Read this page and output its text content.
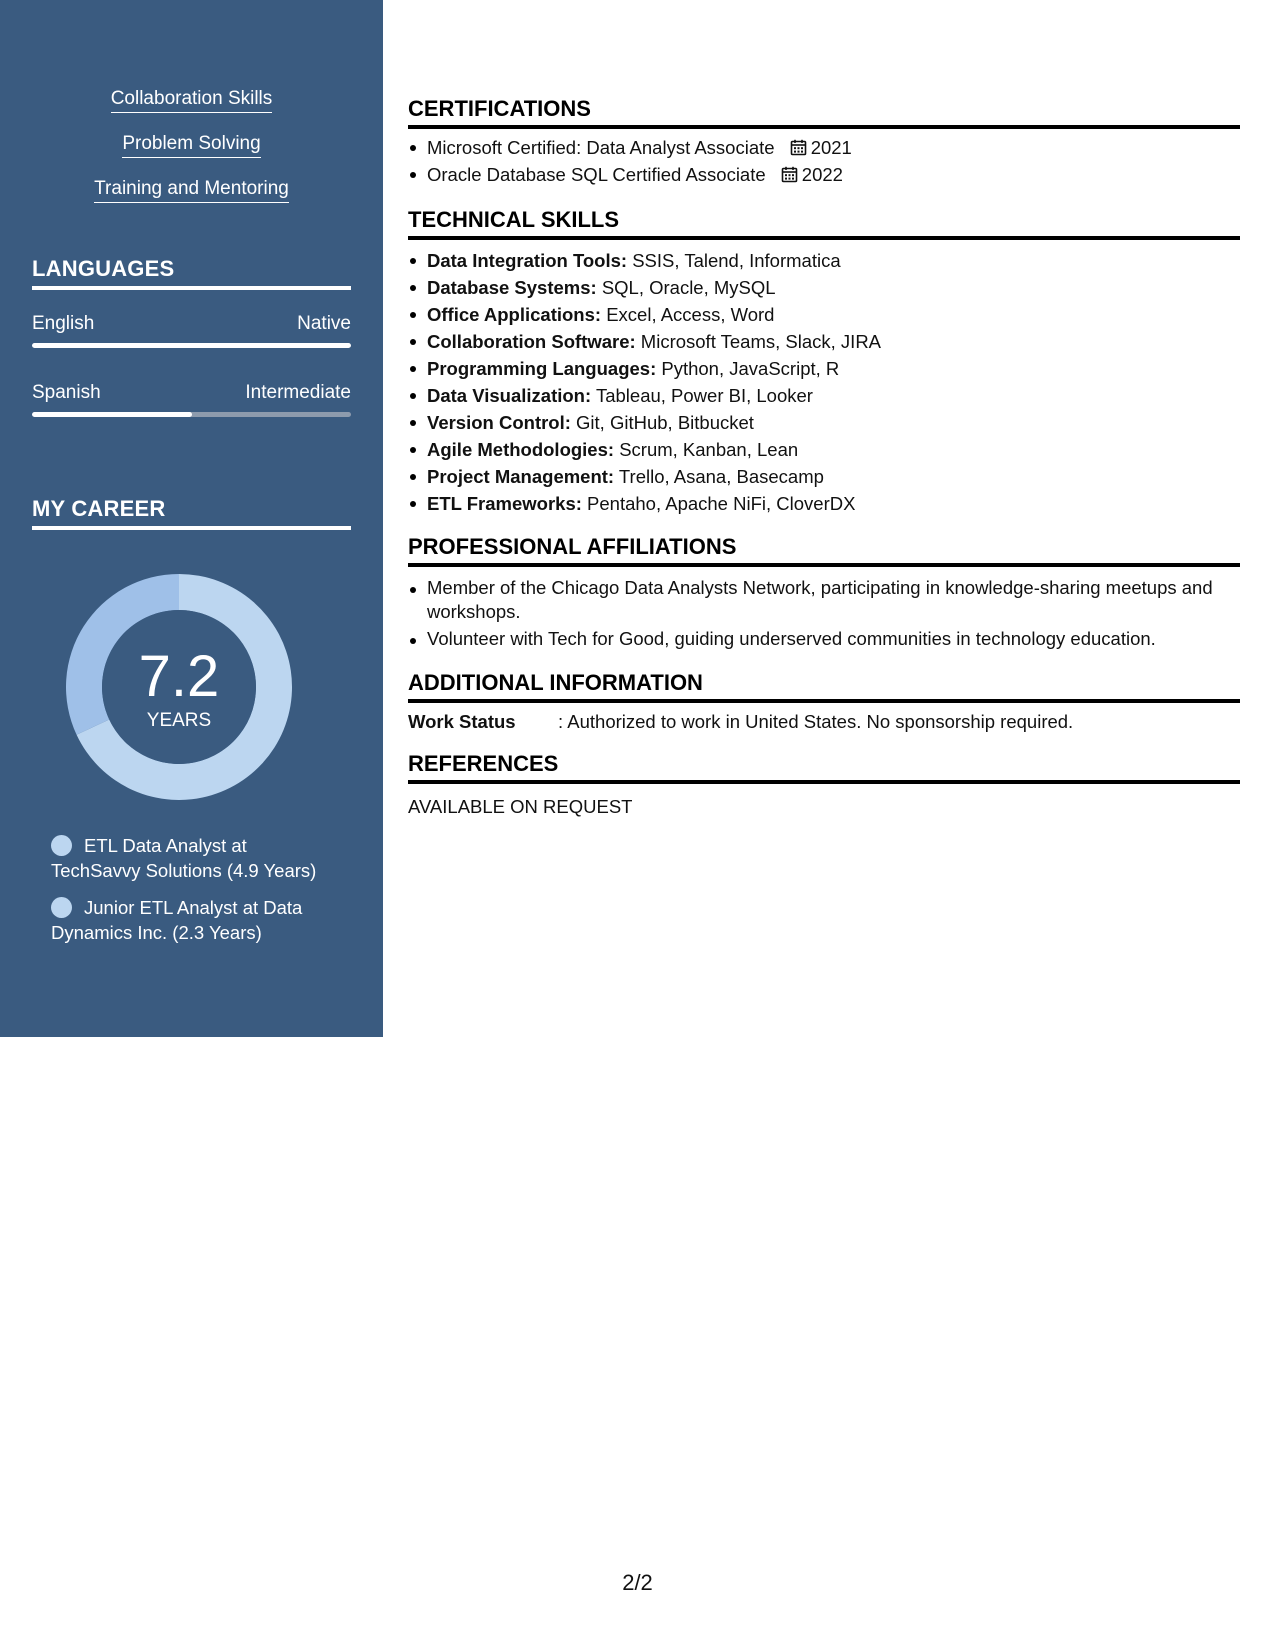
Collaboration Skills
Problem Solving
Training and Mentoring
LANGUAGES
English	Native
Spanish	Intermediate
MY CAREER
7.2
YEARS
ETL Data Analyst at TechSavvy Solutions (4.9 Years)
Junior ETL Analyst at Data Dynamics Inc. (2.3 Years)
CERTIFICATIONS
Microsoft Certified: Data Analyst Associate 2021
Oracle Database SQL Certified Associate 2022
TECHNICAL SKILLS
Data Integration Tools: SSIS, Talend, Informatica
Database Systems: SQL, Oracle, MySQL
Office Applications: Excel, Access, Word
Collaboration Software: Microsoft Teams, Slack, JIRA
Programming Languages: Python, JavaScript, R
Data Visualization: Tableau, Power BI, Looker
Version Control: Git, GitHub, Bitbucket
Agile Methodologies: Scrum, Kanban, Lean
Project Management: Trello, Asana, Basecamp
ETL Frameworks: Pentaho, Apache NiFi, CloverDX
PROFESSIONAL AFFILIATIONS
Member of the Chicago Data Analysts Network, participating in knowledge-sharing meetups and workshops.
Volunteer with Tech for Good, guiding underserved communities in technology education.
ADDITIONAL INFORMATION
Work Status : Authorized to work in United States. No sponsorship required.
REFERENCES
AVAILABLE ON REQUEST
2/2
